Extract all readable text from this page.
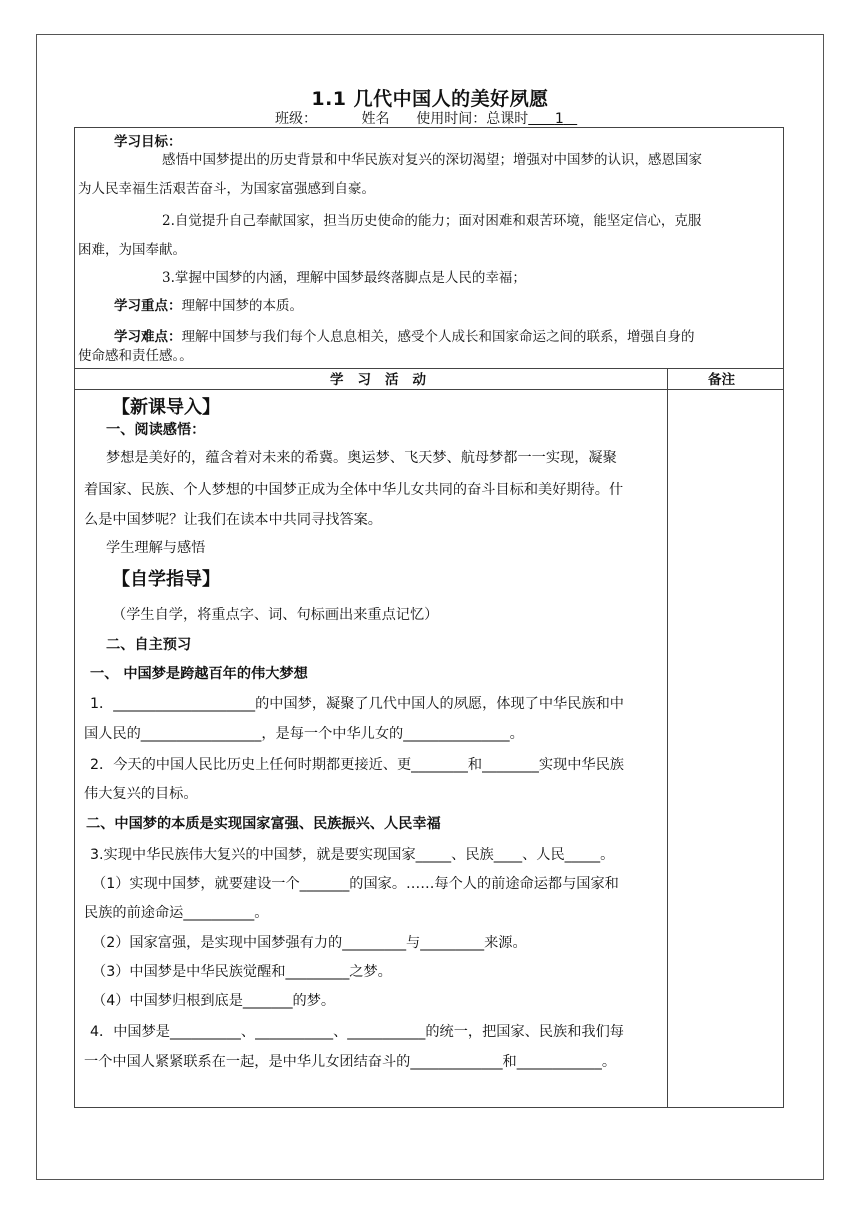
1.1 几代中国人的美好夙愿
班级：	姓名 使用时间：总课时 1
学习目标：
感悟中国梦提出的历史背景和中华民族对复兴的深切渴望；增强对中国梦的认识，感恩国家
为人民幸福生活艰苦奋斗，为国家富强感到自豪。
2.自觉提升自己奉献国家，担当历史使命的能力；面对困难和艰苦环境，能坚定信心，克服
困难，为国奉献。
3.掌握中国梦的内涵，理解中国梦最终落脚点是人民的幸福；
学习重点：理解中国梦的本质。
学习难点：理解中国梦与我们每个人息息相关，感受个人成长和国家命运之间的联系，增强自身的
使命感和责任感。。
学习活动	备注
【新课导入】
一、阅读感悟：
梦想是美好的，蕴含着对未来的希冀。奥运梦、飞天梦、航母梦都一一实现，凝聚
着国家、民族、个人梦想的中国梦正成为全体中华儿女共同的奋斗目标和美好期待。什
么是中国梦呢？让我们在读本中共同寻找答案。
学生理解与感悟
【自学指导】
（学生自学，将重点字、词、句标画出来重点记忆）
二、自主预习
一、 中国梦是跨越百年的伟大梦想
1．____________________的中国梦，凝聚了几代中国人的夙愿，体现了中华民族和中
国人民的_________________，是每一个中华儿女的_______________。
2．今天的中国人民比历史上任何时期都更接近、更________和________实现中华民族
伟大复兴的目标。
二、中国梦的本质是实现国家富强、民族振兴、人民幸福
3.实现中华民族伟大复兴的中国梦，就是要实现国家_____、民族____、人民_____。
（1）实现中国梦，就要建设一个_______的国家。……每个人的前途命运都与国家和
民族的前途命运__________。
（2）国家富强，是实现中国梦强有力的_________与_________来源。
（3）中国梦是中华民族觉醒和_________之梦。
（4）中国梦归根到底是_______的梦。
4．中国梦是__________、___________、___________的统一，把国家、民族和我们每
一个中国人紧紧联系在一起，是中华儿女团结奋斗的_____________和____________。
